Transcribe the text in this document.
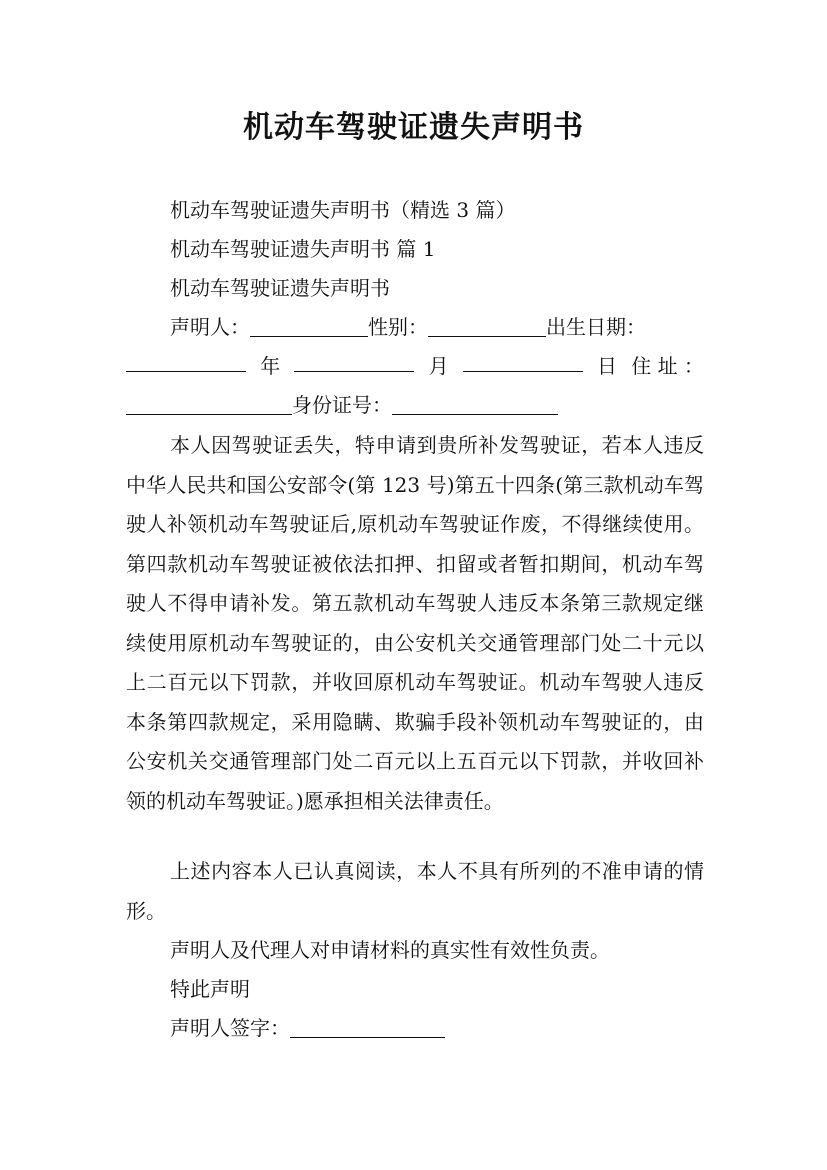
机动车驾驶证遗失声明书
机动车驾驶证遗失声明书（精选 3 篇）
机动车驾驶证遗失声明书 篇 1
机动车驾驶证遗失声明书
声明人：	性别：	出生日期：
年	月	日 住 址 ：
身份证号：

本人因驾驶证丢失，特申请到贵所补发驾驶证，若本人违反中华人民共和国公安部令(第 123 号)第五十四条(第三款机动车驾驶人补领机动车驾驶证后,原机动车驾驶证作废，不得继续使用。第四款机动车驾驶证被依法扣押、扣留或者暂扣期间，机动车驾驶人不得申请补发。第五款机动车驾驶人违反本条第三款规定继续使用原机动车驾驶证的，由公安机关交通管理部门处二十元以上二百元以下罚款，并收回原机动车驾驶证。机动车驾驶人违反本条第四款规定，采用隐瞒、欺骗手段补领机动车驾驶证的，由公安机关交通管理部门处二百元以上五百元以下罚款，并收回补领的机动车驾驶证。)愿承担相关法律责任。

上述内容本人已认真阅读，本人不具有所列的不准申请的情形。

声明人及代理人对申请材料的真实性有效性负责。
特此声明
声明人签字：
